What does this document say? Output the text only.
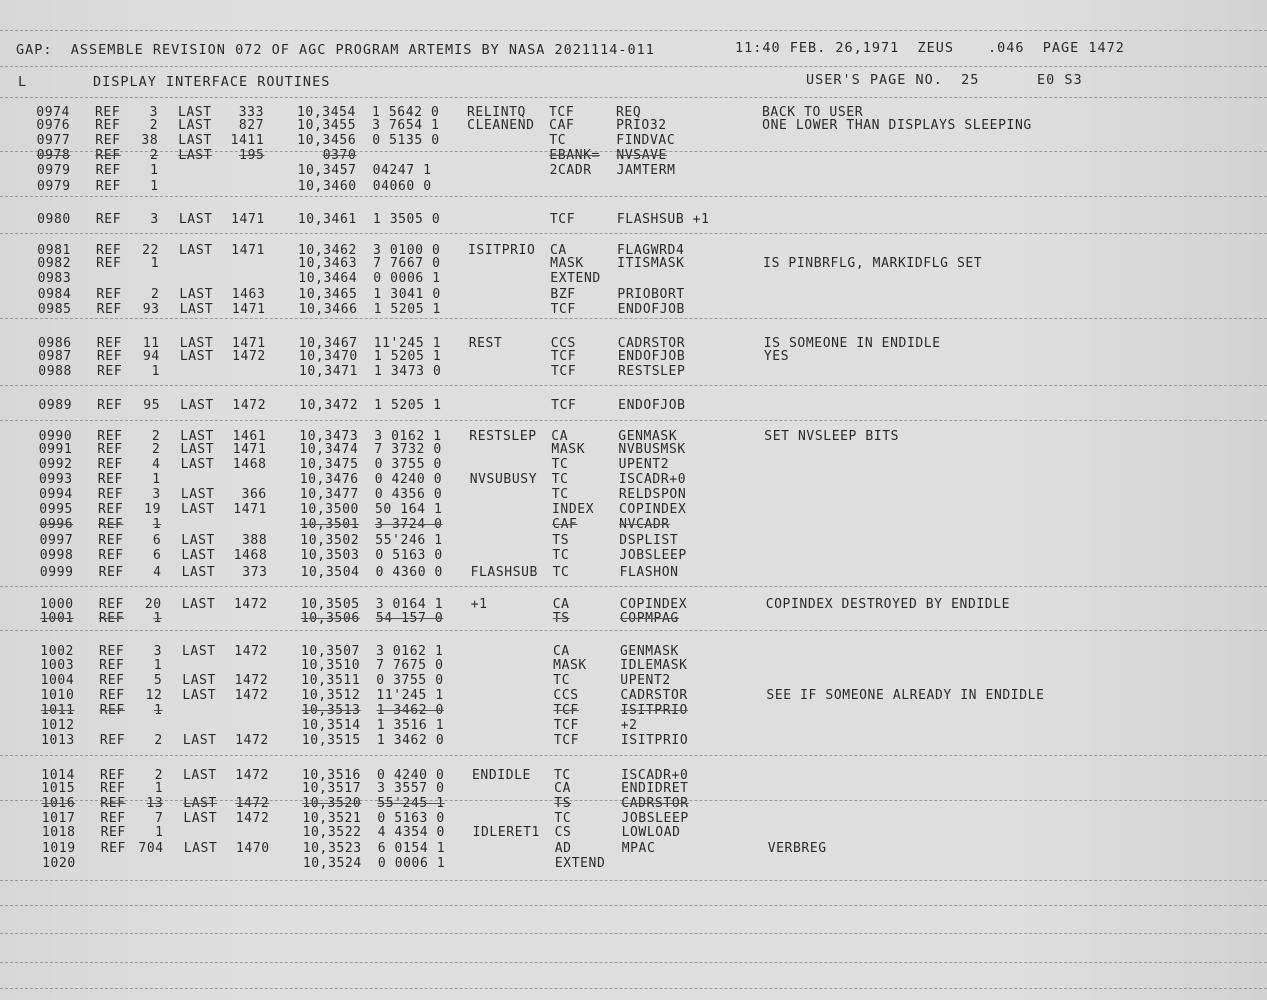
GAP:  ASSEMBLE REVISION 072 OF AGC PROGRAM ARTEMIS BY NASA 2021114-011	11:40 FEB. 26,1971  ZEUS	.046  PAGE 1472
L	DISPLAY INTERFACE ROUTINES	USER'S PAGE NO.  25	E0 S3
0974 REF	3 LAST	333	10,3454 1 5642 0	RELINTQ	TCF	REQ	BACK TO USER
0976 REF	2 LAST	827	10,3455 3 7654 1	CLEANEND	CAF	PRIO32	ONE LOWER THAN DISPLAYS SLEEPING
0977 REF	38 LAST	1411	10,3456 0 5135 0	TC	FINDVAC
0978 REF	2 LAST	195	0370	EBANK=	NVSAVE
0979 REF	1	10,3457 04247 1	2CADR	JAMTERM
0979 REF	1	10,3460 04060 0
0980 REF	3 LAST	1471	10,3461 1 3505 0	TCF	FLASHSUB +1
0981 REF	22 LAST	1471	10,3462 3 0100 0	ISITPRIO	CA	FLAGWRD4
0982 REF	1	10,3463 7 7667 0	MASK	ITISMASK	IS PINBRFLG, MARKIDFLG SET
0983	10,3464 0 0006 1	EXTEND
0984 REF	2 LAST	1463	10,3465 1 3041 0	BZF	PRIOBORT
0985 REF	93 LAST	1471	10,3466 1 5205 1	TCF	ENDOFJOB
0986 REF	11 LAST	1471	10,3467 11'245 1	REST	CCS	CADRSTOR	IS SOMEONE IN ENDIDLE
0987 REF	94 LAST	1472	10,3470 1 5205 1	TCF	ENDOFJOB	YES
0988 REF	1	10,3471 1 3473 0	TCF	RESTSLEP
0989 REF	95 LAST	1472	10,3472 1 5205 1	TCF	ENDOFJOB
0990 REF	2 LAST	1461	10,3473 3 0162 1	RESTSLEP	CA	GENMASK	SET NVSLEEP BITS
0991 REF	2 LAST	1471	10,3474 7 3732 0	MASK	NVBUSMSK
0992 REF	4 LAST	1468	10,3475 0 3755 0	TC	UPENT2
0993 REF	1	10,3476 0 4240 0	NVSUBUSY	TC	ISCADR+0
0994 REF	3 LAST	366	10,3477 0 4356 0	TC	RELDSPON
0995 REF	19 LAST	1471	10,3500 50 164 1	INDEX	COPINDEX
0996 REF	1	10,3501 3 3724 0	CAF	NVCADR
0997 REF	6 LAST	388	10,3502 55'246 1	TS	DSPLIST
0998 REF	6 LAST	1468	10,3503 0 5163 0	TC	JOBSLEEP
0999 REF	4 LAST	373	10,3504 0 4360 0	FLASHSUB	TC	FLASHON
1000 REF	20 LAST	1472	10,3505 3 0164 1	+1	CA	COPINDEX	COPINDEX DESTROYED BY ENDIDLE
1001 REF	1	10,3506 54 157 0	TS	COPMPAG
1002 REF	3 LAST	1472	10,3507 3 0162 1	CA	GENMASK
1003 REF	1	10,3510 7 7675 0	MASK	IDLEMASK
1004 REF	5 LAST	1472	10,3511 0 3755 0	TC	UPENT2
1010 REF	12 LAST	1472	10,3512 11'245 1	CCS	CADRSTOR	SEE IF SOMEONE ALREADY IN ENDIDLE
1011 REF	1	10,3513 1 3462 0	TCF	ISITPRIO
1012	10,3514 1 3516 1	TCF	+2
1013 REF	2 LAST	1472	10,3515 1 3462 0	TCF	ISITPRIO
1014 REF	2 LAST	1472	10,3516 0 4240 0	ENDIDLE	TC	ISCADR+0
1015 REF	1	10,3517 3 3557 0	CA	ENDIDRET
1016 REF	13 LAST	1472	10,3520 55'245 1	TS	CADRSTOR
1017 REF	7 LAST	1472	10,3521 0 5163 0	TC	JOBSLEEP
1018 REF	1	10,3522 4 4354 0	IDLERET1	CS	LOWLOAD
1019 REF 704 LAST	1470	10,3523 6 0154 1	AD	MPAC	VERBREG
1020	10,3524 0 0006 1	EXTEND
